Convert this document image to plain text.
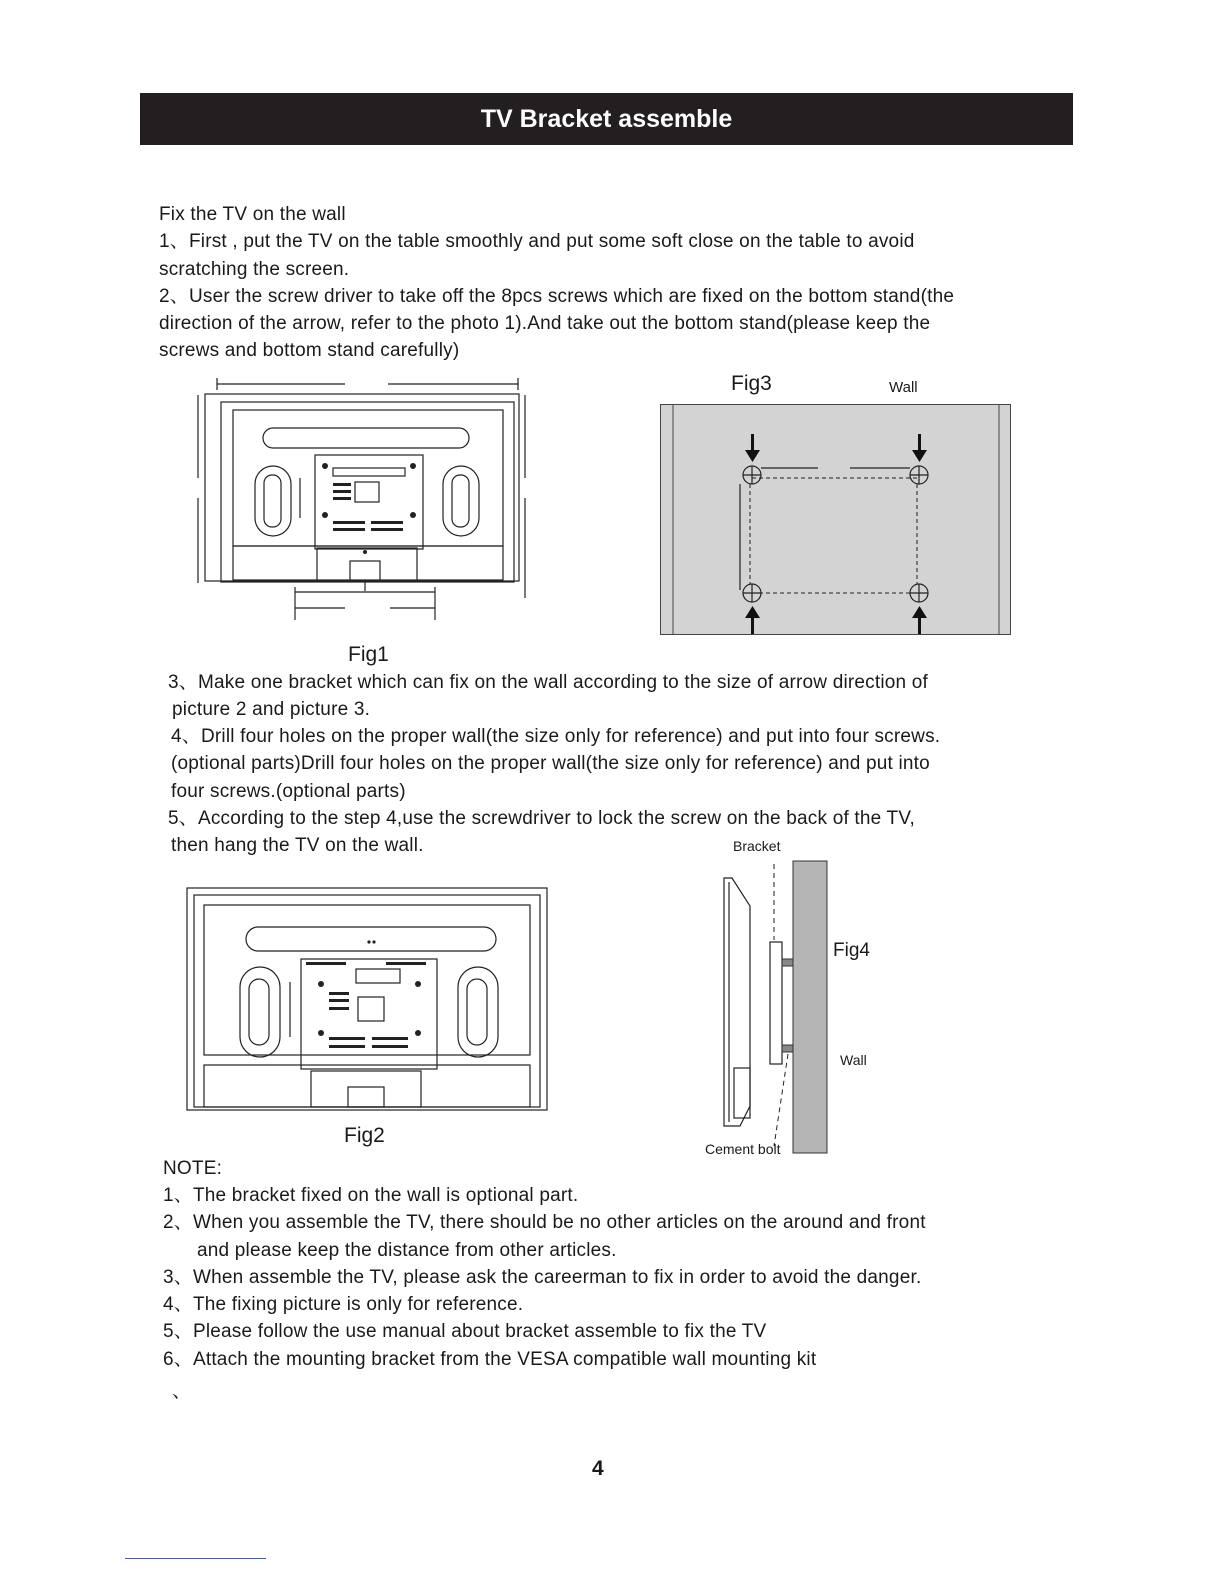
TV Bracket assemble
Fix the TV on the wall
1、First , put the TV on the table smoothly and put some soft close on the table to avoid
scratching the screen.
2、User the screw driver to take off the 8pcs screws which are fixed on the bottom stand(the
direction of the arrow, refer to the photo 1).And take out the bottom stand(please keep the
screws and bottom stand carefully)
Fig1
Fig3	Wall
3、Make one bracket which can fix on the wall according to the size of arrow direction of
picture 2 and picture 3.
4、Drill four holes on the proper wall(the size only for reference) and put into four screws.
(optional parts)Drill four holes on the proper wall(the size only for reference) and put into
four screws.(optional parts)
5、According to the step 4,use the screwdriver to lock the screw on the back of the TV,
then hang the TV on the wall.
Fig2
Bracket
Fig4
Wall
Cement bolt
NOTE:
1、The bracket fixed on the wall is optional part.
2、When you assemble the TV, there should be no other articles on the around and front
and please keep the distance from other articles.
3、When assemble the TV, please ask the careerman to fix in order to avoid the danger.
4、The fixing picture is only for reference.
5、Please follow the use manual about bracket assemble to fix the TV
6、Attach the mounting bracket from the VESA compatible wall mounting kit
、
4
